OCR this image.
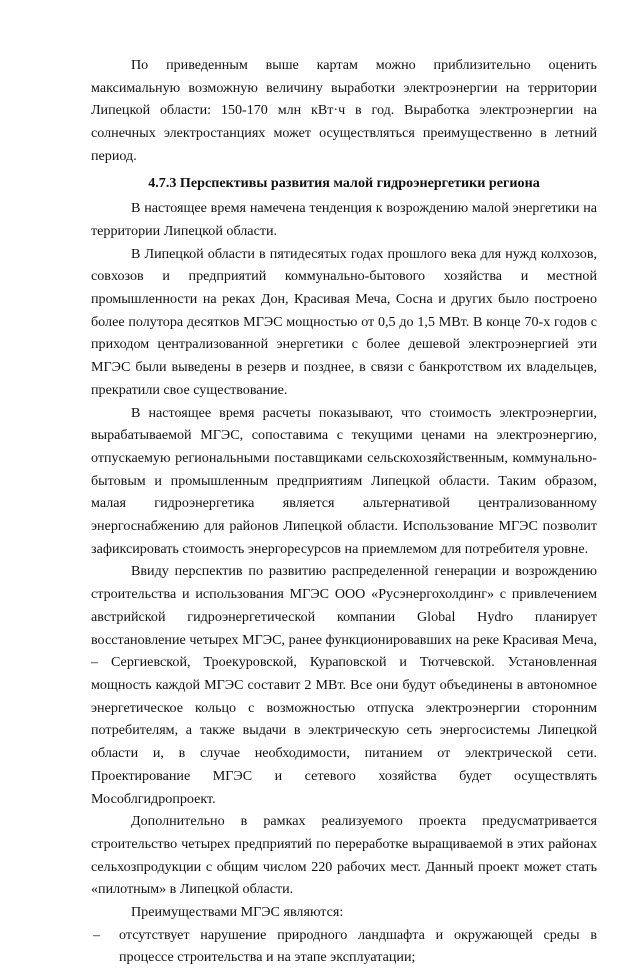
По приведенным выше картам можно приблизительно оценить максимальную возможную величину выработки электроэнергии на территории Липецкой области: 150-170 млн кВт·ч в год. Выработка электроэнергии на солнечных электростанциях может осуществляться преимущественно в летний период.

4.7.3 Перспективы развития малой гидроэнергетики региона

В настоящее время намечена тенденция к возрождению малой энергетики на территории Липецкой области.

В Липецкой области в пятидесятых годах прошлого века для нужд колхозов, совхозов и предприятий коммунально-бытового хозяйства и местной промышленности на реках Дон, Красивая Меча, Сосна и других было построено более полутора десятков МГЭС мощностью от 0,5 до 1,5 МВт. В конце 70-х годов с приходом централизованной энергетики с более дешевой электроэнергией эти МГЭС были выведены в резерв и позднее, в связи с банкротством их владельцев, прекратили свое существование.

В настоящее время расчеты показывают, что стоимость электроэнергии, вырабатываемой МГЭС, сопоставима с текущими ценами на электроэнергию, отпускаемую региональными поставщиками сельскохозяйственным, коммунально-бытовым и промышленным предприятиям Липецкой области. Таким образом, малая гидроэнергетика является альтернативой централизованному энергоснабжению для районов Липецкой области. Использование МГЭС позволит зафиксировать стоимость энергоресурсов на приемлемом для потребителя уровне.

Ввиду перспектив по развитию распределенной генерации и возрождению строительства и использования МГЭС ООО «Русэнергохолдинг» с привлечением австрийской гидроэнергетической компании Global Hydro планирует восстановление четырех МГЭС, ранее функционировавших на реке Красивая Меча, – Сергиевской, Троекуровской, Кураповской и Тютчевской. Установленная мощность каждой МГЭС составит 2 МВт. Все они будут объединены в автономное энергетическое кольцо с возможностью отпуска электроэнергии сторонним потребителям, а также выдачи в электрическую сеть энергосистемы Липецкой области и, в случае необходимости, питанием от электрической сети. Проектирование МГЭС и сетевого хозяйства будет осуществлять Мособлгидропроект.

Дополнительно в рамках реализуемого проекта предусматривается строительство четырех предприятий по переработке выращиваемой в этих районах сельхозпродукции с общим числом 220 рабочих мест. Данный проект может стать «пилотным» в Липецкой области.

Преимуществами МГЭС являются:

–	отсутствует нарушение природного ландшафта и окружающей среды в процессе строительства и на этапе эксплуатации;
